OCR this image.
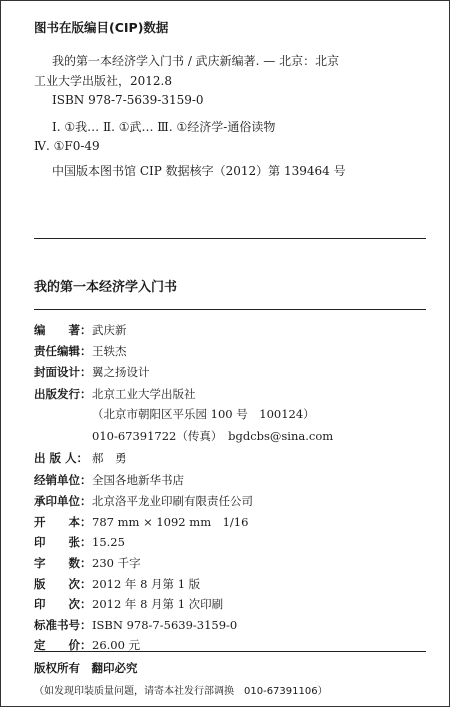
图书在版编目(CIP)数据
我的第一本经济学入门书 / 武庆新编著. — 北京：北京
工业大学出版社，2012.8
ISBN 978-7-5639-3159-0
Ⅰ. ①我… Ⅱ. ①武… Ⅲ. ①经济学-通俗读物
Ⅳ. ①F0-49
中国版本图书馆 CIP 数据核字（2012）第 139464 号
我的第一本经济学入门书
编　　著：武庆新
责任编辑：王轶杰
封面设计：翼之扬设计
出版发行：北京工业大学出版社
（北京市朝阳区平乐园 100 号　100124）
010-67391722（传真）　bgdcbs@sina.com
出 版 人： 郝　勇
经销单位：全国各地新华书店
承印单位：北京洛平龙业印刷有限责任公司
开　　本：787 mm × 1092 mm　1/16
印　　张：15.25
字　　数：230 千字
版　　次：2012 年 8 月第 1 版
印　　次：2012 年 8 月第 1 次印刷
标准书号：ISBN 978-7-5639-3159-0
定　　价：26.00 元
版权所有　翻印必究
（如发现印装质量问题，请寄本社发行部调换　010-67391106）
